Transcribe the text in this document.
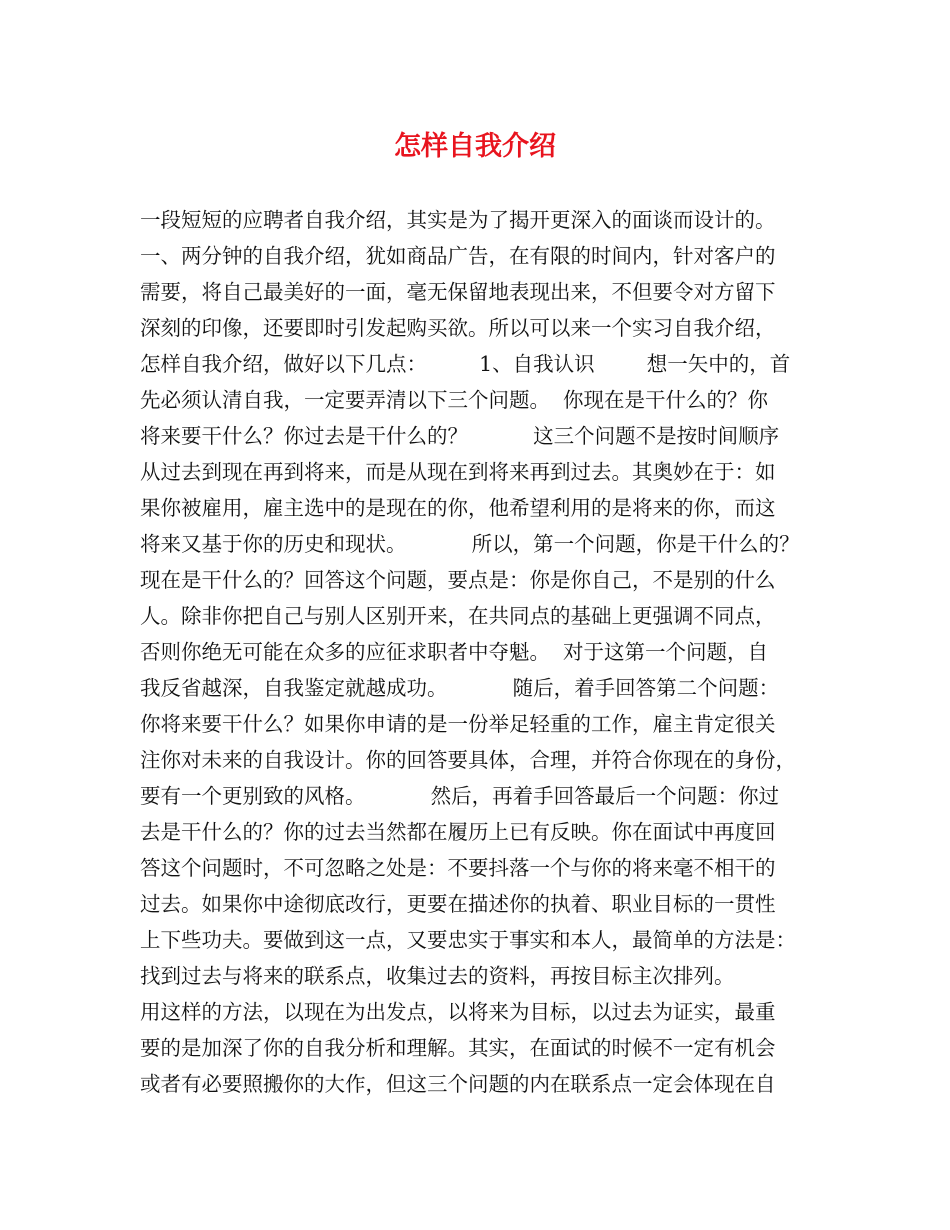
怎样自我介绍
一段短短的应聘者自我介绍，其实是为了揭开更深入的面谈而设计的。
一、两分钟的自我介绍，犹如商品广告，在有限的时间内，针对客户的
需要，将自己最美好的一面，毫无保留地表现出来，不但要令对方留下
深刻的印像，还要即时引发起购买欲。所以可以来一个实习自我介绍，
怎样自我介绍，做好以下几点：        1、自我认识        想一矢中的，首
先必须认清自我，一定要弄清以下三个问题。  你现在是干什么的？你
将来要干什么？你过去是干什么的？          这三个问题不是按时间顺序
从过去到现在再到将来，而是从现在到将来再到过去。其奥妙在于：如
果你被雇用，雇主选中的是现在的你，他希望利用的是将来的你，而这
将来又基于你的历史和现状。          所以，第一个问题，你是干什么的？
现在是干什么的？回答这个问题，要点是：你是你自己，不是别的什么
人。除非你把自己与别人区别开来，在共同点的基础上更强调不同点，
否则你绝无可能在众多的应征求职者中夺魁。  对于这第一个问题，自
我反省越深，自我鉴定就越成功。          随后，着手回答第二个问题：
你将来要干什么？如果你申请的是一份举足轻重的工作，雇主肯定很关
注你对未来的自我设计。你的回答要具体，合理，并符合你现在的身份，
要有一个更别致的风格。          然后，再着手回答最后一个问题：你过
去是干什么的？你的过去当然都在履历上已有反映。你在面试中再度回
答这个问题时，不可忽略之处是：不要抖落一个与你的将来毫不相干的
过去。如果你中途彻底改行，更要在描述你的执着、职业目标的一贯性
上下些功夫。要做到这一点，又要忠实于事实和本人，最简单的方法是：
找到过去与将来的联系点，收集过去的资料，再按目标主次排列。
用这样的方法，以现在为出发点，以将来为目标，以过去为证实，最重
要的是加深了你的自我分析和理解。其实，在面试的时候不一定有机会
或者有必要照搬你的大作，但这三个问题的内在联系点一定会体现在自
